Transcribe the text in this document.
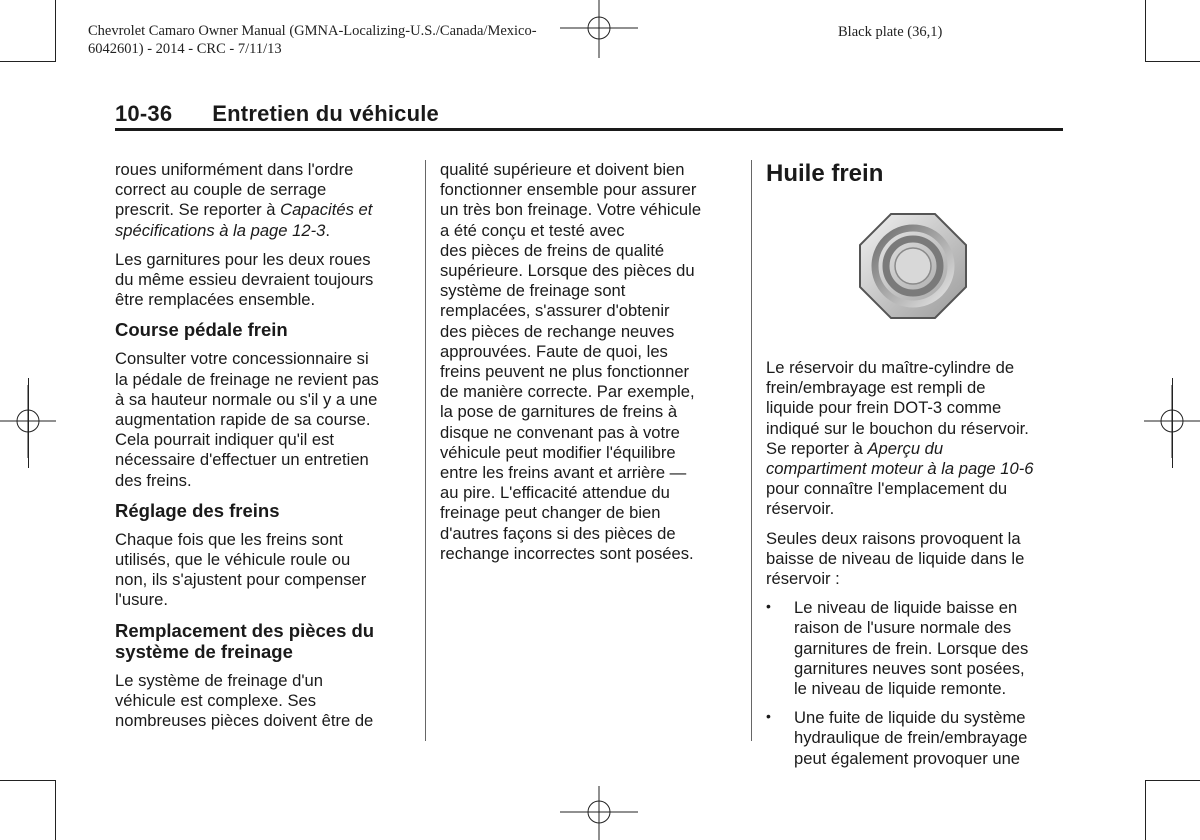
Chevrolet Camaro Owner Manual (GMNA-Localizing-U.S./Canada/Mexico-
6042601) - 2014 - CRC - 7/11/13
Black plate (36,1)
10-36 Entretien du véhicule

roues uniformément dans l'ordre
correct au couple de serrage
prescrit. Se reporter à Capacités et
spécifications à la page 12-3.

Les garnitures pour les deux roues
du même essieu devraient toujours
être remplacées ensemble.

Course pédale frein

Consulter votre concessionnaire si
la pédale de freinage ne revient pas
à sa hauteur normale ou s'il y a une
augmentation rapide de sa course.
Cela pourrait indiquer qu'il est
nécessaire d'effectuer un entretien
des freins.

Réglage des freins

Chaque fois que les freins sont
utilisés, que le véhicule roule ou
non, ils s'ajustent pour compenser
l'usure.

Remplacement des pièces du
système de freinage

Le système de freinage d'un
véhicule est complexe. Ses
nombreuses pièces doivent être de

qualité supérieure et doivent bien
fonctionner ensemble pour assurer
un très bon freinage. Votre véhicule
a été conçu et testé avec
des pièces de freins de qualité
supérieure. Lorsque des pièces du
système de freinage sont
remplacées, s'assurer d'obtenir
des pièces de rechange neuves
approuvées. Faute de quoi, les
freins peuvent ne plus fonctionner
de manière correcte. Par exemple,
la pose de garnitures de freins à
disque ne convenant pas à votre
véhicule peut modifier l'équilibre
entre les freins avant et arrière —
au pire. L'efficacité attendue du
freinage peut changer de bien
d'autres façons si des pièces de
rechange incorrectes sont posées.

Huile frein

Le réservoir du maître-cylindre de
frein/embrayage est rempli de
liquide pour frein DOT-3 comme
indiqué sur le bouchon du réservoir.
Se reporter à Aperçu du
compartiment moteur à la page 10-6
pour connaître l'emplacement du
réservoir.

Seules deux raisons provoquent la
baisse de niveau de liquide dans le
réservoir :

• Le niveau de liquide baisse en
raison de l'usure normale des
garnitures de frein. Lorsque des
garnitures neuves sont posées,
le niveau de liquide remonte.
• Une fuite de liquide du système
hydraulique de frein/embrayage
peut également provoquer une
